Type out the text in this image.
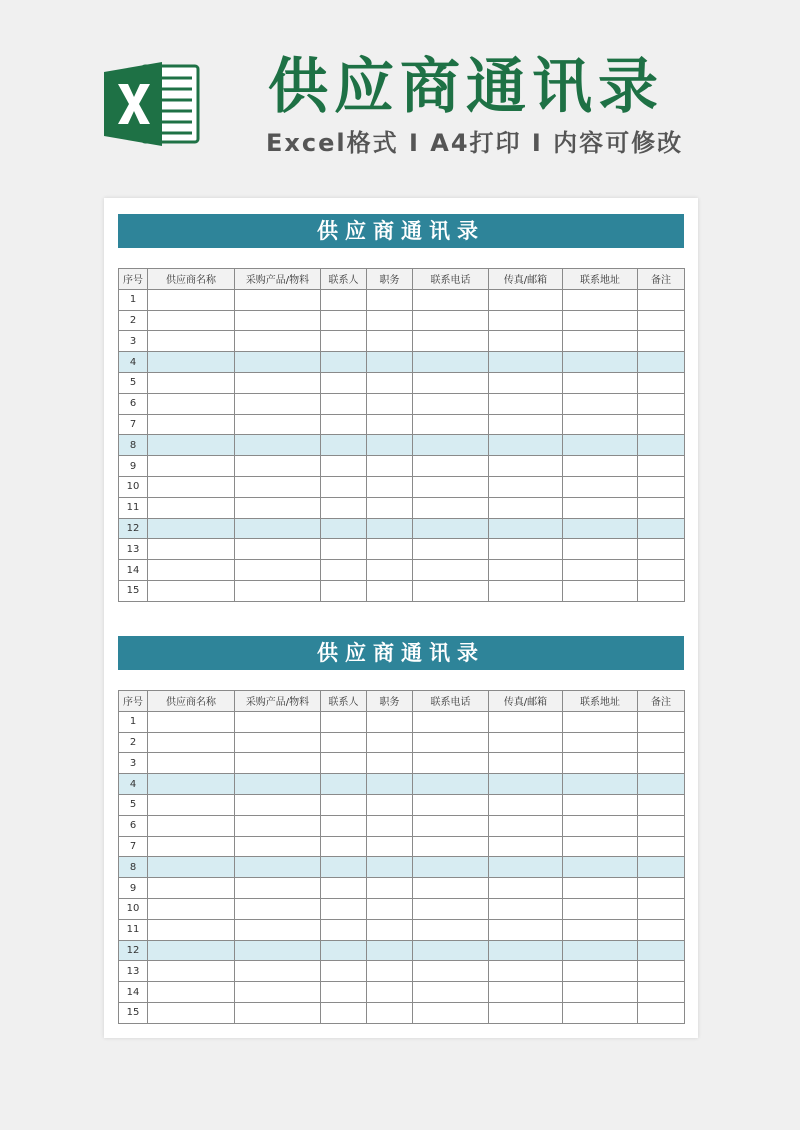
供应商通讯录
Excel格式 I A4打印 I 内容可修改
供应商通讯录
序号	供应商名称	采购产品/物料	联系人	职务	联系电话	传真/邮箱	联系地址	备注
1								
2								
3								
4								
5								
6								
7								
8								
9								
10								
11								
12								
13								
14								
15								
供应商通讯录
序号	供应商名称	采购产品/物料	联系人	职务	联系电话	传真/邮箱	联系地址	备注
1								
2								
3								
4								
5								
6								
7								
8								
9								
10								
11								
12								
13								
14								
15								
